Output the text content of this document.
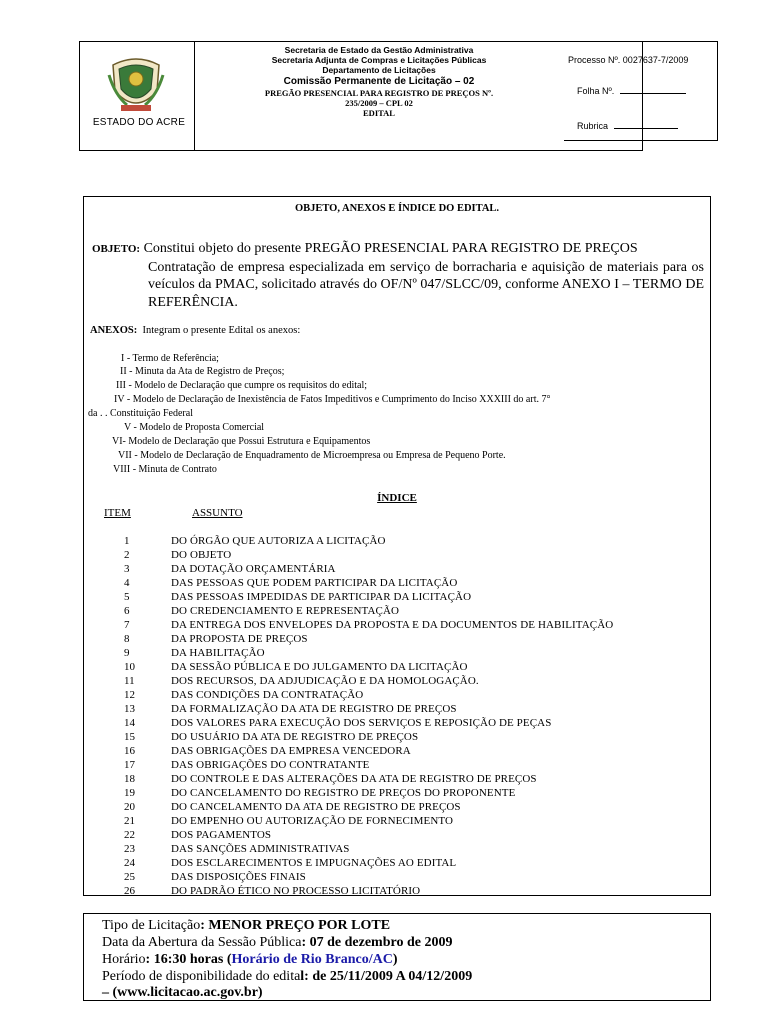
ESTADO DO ACRE
Secretaria de Estado da Gestão Administrativa
Secretaria Adjunta de Compras e Licitações Públicas
Departamento de Licitações
Comissão Permanente de Licitação – 02
PREGÃO PRESENCIAL PARA REGISTRO DE PREÇOS Nº.
235/2009 – CPL 02
EDITAL
Processo Nº. 0027637-7/2009
Folha Nº.
Rubrica
OBJETO, ANEXOS E ÍNDICE DO EDITAL.
OBJETO: Constitui objeto do presente PREGÃO PRESENCIAL PARA REGISTRO DE PREÇOS
Contratação de empresa especializada em serviço de borracharia e aquisição de materiais para os veículos da PMAC, solicitado através do OF/Nº 047/SLCC/09, conforme ANEXO I – TERMO DE REFERÊNCIA.
ANEXOS: Integram o presente Edital os anexos:
I - Termo de Referência;
II - Minuta da Ata de Registro de Preços;
III - Modelo de Declaração que cumpre os requisitos do edital;
IV - Modelo de Declaração de Inexistência de Fatos Impeditivos e Cumprimento do Inciso XXXIII do art. 7°
da . . Constituição Federal
V - Modelo de Proposta Comercial
VI- Modelo de Declaração que Possui Estrutura e Equipamentos
VII - Modelo de Declaração de Enquadramento de Microempresa ou Empresa de Pequeno Porte.
VIII - Minuta de Contrato
ÍNDICE
ITEM	ASSUNTO
1	DO ÓRGÃO QUE AUTORIZA A LICITAÇÃO
2	DO OBJETO
3	DA DOTAÇÃO ORÇAMENTÁRIA
4	DAS PESSOAS QUE PODEM PARTICIPAR DA LICITAÇÃO
5	DAS PESSOAS IMPEDIDAS DE PARTICIPAR DA LICITAÇÃO
6	DO CREDENCIAMENTO E REPRESENTAÇÃO
7	DA ENTREGA DOS ENVELOPES DA PROPOSTA E DA DOCUMENTOS DE HABILITAÇÃO
8	DA PROPOSTA DE PREÇOS
9	DA HABILITAÇÃO
10	DA SESSÃO PÚBLICA E DO JULGAMENTO DA LICITAÇÃO
11	DOS RECURSOS, DA ADJUDICAÇÃO E DA HOMOLOGAÇÃO.
12	DAS CONDIÇÕES DA CONTRATAÇÃO
13	DA FORMALIZAÇÃO DA ATA DE REGISTRO DE PREÇOS
14	DOS VALORES PARA EXECUÇÃO DOS SERVIÇOS E REPOSIÇÃO DE PEÇAS
15	DO USUÁRIO DA ATA DE REGISTRO DE PREÇOS
16	DAS OBRIGAÇÕES DA EMPRESA VENCEDORA
17	DAS OBRIGAÇÕES DO CONTRATANTE
18	DO CONTROLE E DAS ALTERAÇÕES DA ATA DE REGISTRO DE PREÇOS
19	DO CANCELAMENTO DO REGISTRO DE PREÇOS DO PROPONENTE
20	DO CANCELAMENTO DA ATA DE REGISTRO DE PREÇOS
21	DO EMPENHO OU AUTORIZAÇÃO DE FORNECIMENTO
22	DOS PAGAMENTOS
23	DAS SANÇÕES ADMINISTRATIVAS
24	DOS ESCLARECIMENTOS E IMPUGNAÇÕES AO EDITAL
25	DAS DISPOSIÇÕES FINAIS
26	DO PADRÃO ÉTICO NO PROCESSO LICITATÓRIO
Tipo de Licitação: MENOR PREÇO POR LOTE
Data da Abertura da Sessão Pública: 07 de dezembro de 2009
Horário: 16:30 horas (Horário de Rio Branco/AC)
Período de disponibilidade do edital: de 25/11/2009 A 04/12/2009
– (www.licitacao.ac.gov.br)
